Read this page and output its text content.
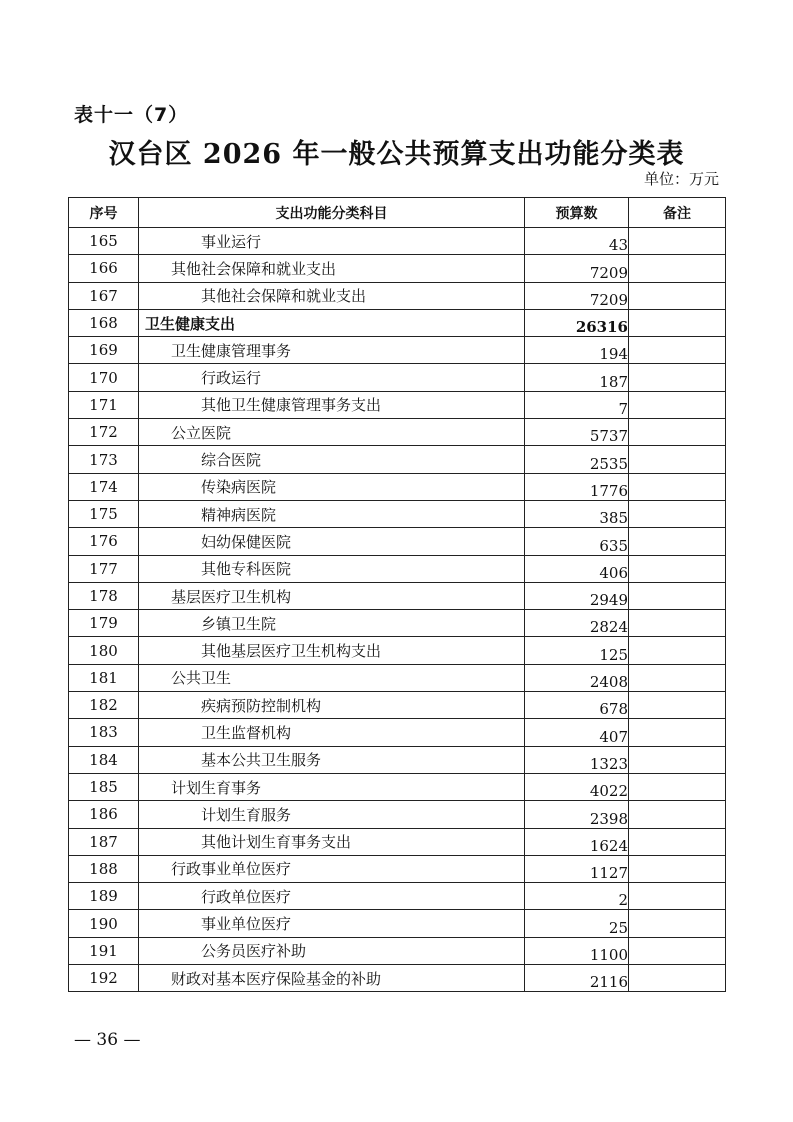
表十一（7）
汉台区 2026 年一般公共预算支出功能分类表
单位：万元
序号	支出功能分类科目	预算数	备注
165	事业运行	43	
166	其他社会保障和就业支出	7209	
167	其他社会保障和就业支出	7209	
168	卫生健康支出	26316	
169	卫生健康管理事务	194	
170	行政运行	187	
171	其他卫生健康管理事务支出	7	
172	公立医院	5737	
173	综合医院	2535	
174	传染病医院	1776	
175	精神病医院	385	
176	妇幼保健医院	635	
177	其他专科医院	406	
178	基层医疗卫生机构	2949	
179	乡镇卫生院	2824	
180	其他基层医疗卫生机构支出	125	
181	公共卫生	2408	
182	疾病预防控制机构	678	
183	卫生监督机构	407	
184	基本公共卫生服务	1323	
185	计划生育事务	4022	
186	计划生育服务	2398	
187	其他计划生育事务支出	1624	
188	行政事业单位医疗	1127	
189	行政单位医疗	2	
190	事业单位医疗	25	
191	公务员医疗补助	1100	
192	财政对基本医疗保险基金的补助	2116	
— 36 —
